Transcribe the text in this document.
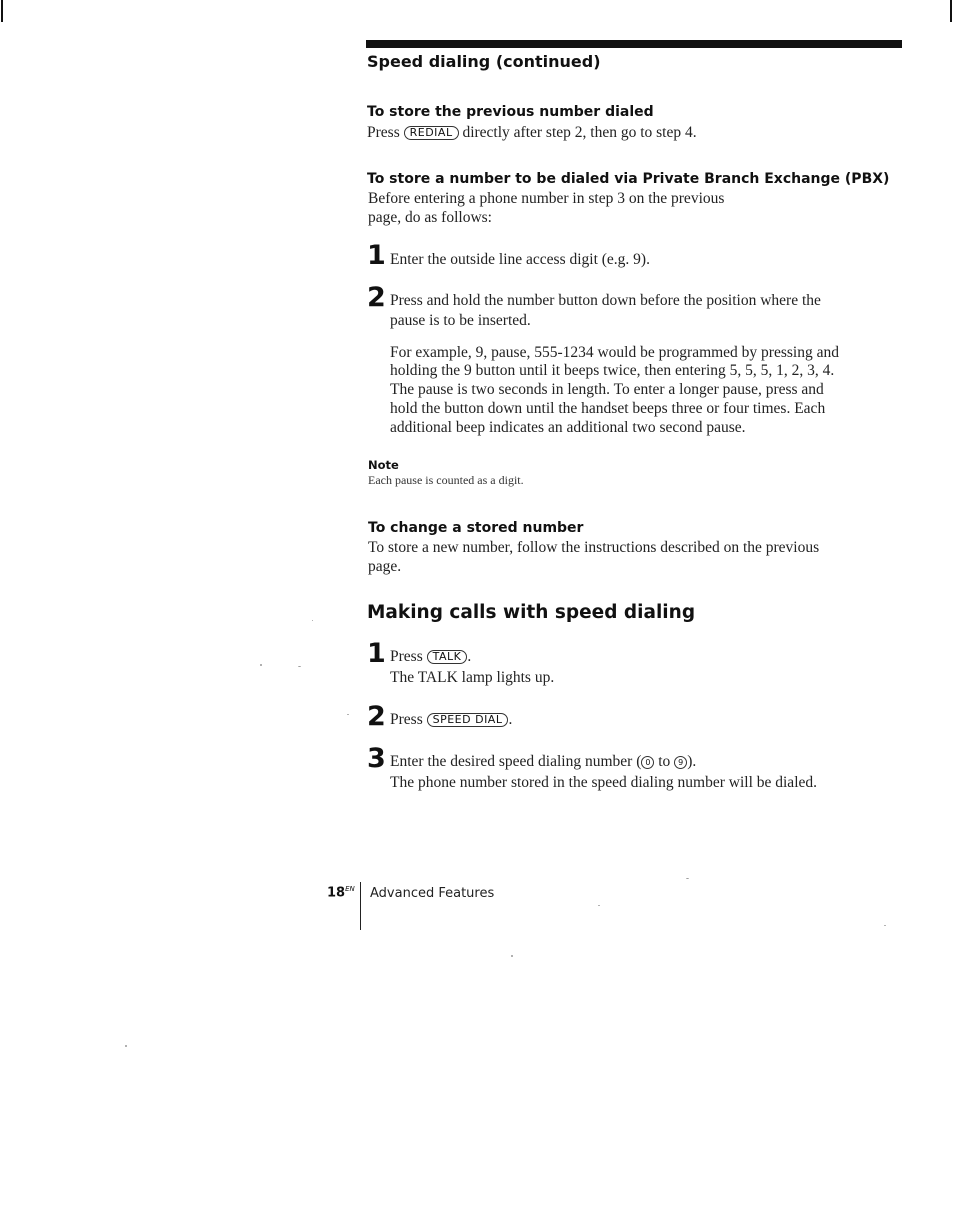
Speed dialing (continued)
To store the previous number dialed
Press REDIAL directly after step 2, then go to step 4.
To store a number to be dialed via Private Branch Exchange (PBX)
Before entering a phone number in step 3 on the previous
page, do as follows:
1 Enter the outside line access digit (e.g. 9).
2 Press and hold the number button down before the position where the
pause is to be inserted.
For example, 9, pause, 555-1234 would be programmed by pressing and
holding the 9 button until it beeps twice, then entering 5, 5, 5, 1, 2, 3, 4.
The pause is two seconds in length. To enter a longer pause, press and
hold the button down until the handset beeps three or four times. Each
additional beep indicates an additional two second pause.
Note
Each pause is counted as a digit.
To change a stored number
To store a new number, follow the instructions described on the previous
page.
Making calls with speed dialing
1 Press TALK .
The TALK lamp lights up.
2 Press SPEED DIAL .
3 Enter the desired speed dialing number ( 0 to 9 ).
The phone number stored in the speed dialing number will be dialed.
$18^{EN}$ Advanced Features
